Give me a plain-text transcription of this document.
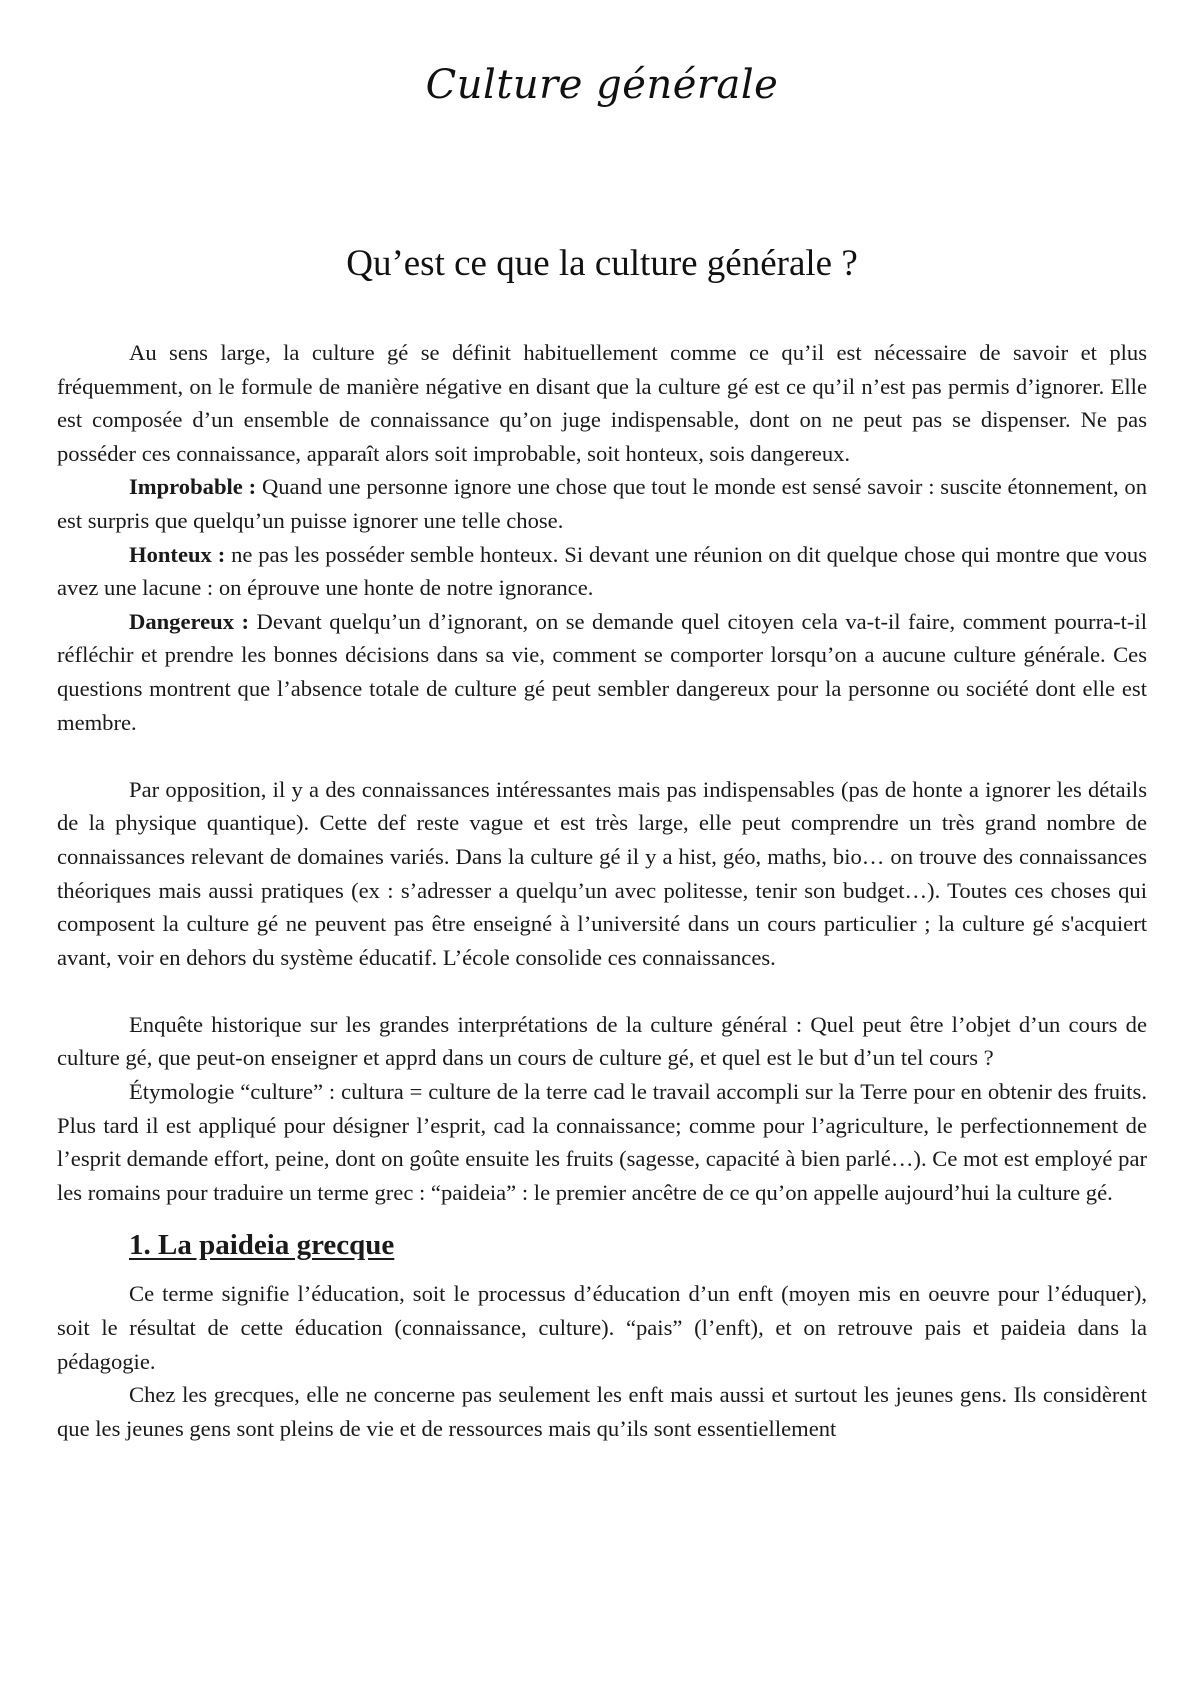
Culture générale
Qu’est ce que la culture générale ?

Au sens large, la culture gé se définit habituellement comme ce qu’il est nécessaire de savoir et plus fréquemment, on le formule de manière négative en disant que la culture gé est ce qu’il n’est pas permis d’ignorer. Elle est composée d’un ensemble de connaissance qu’on juge indispensable, dont on ne peut pas se dispenser. Ne pas posséder ces connaissance, apparaît alors soit improbable, soit honteux, sois dangereux.

Improbable : Quand une personne ignore une chose que tout le monde est sensé savoir : suscite étonnement, on est surpris que quelqu’un puisse ignorer une telle chose.

Honteux : ne pas les posséder semble honteux. Si devant une réunion on dit quelque chose qui montre que vous avez une lacune : on éprouve une honte de notre ignorance.

Dangereux : Devant quelqu’un d’ignorant, on se demande quel citoyen cela va-t-il faire, comment pourra-t-il réfléchir et prendre les bonnes décisions dans sa vie, comment se comporter lorsqu’on a aucune culture générale. Ces questions montrent que l’absence totale de culture gé peut sembler dangereux pour la personne ou société dont elle est membre.

Par opposition, il y a des connaissances intéressantes mais pas indispensables (pas de honte a ignorer les détails de la physique quantique). Cette def reste vague et est très large, elle peut comprendre un très grand nombre de connaissances relevant de domaines variés. Dans la culture gé il y a hist, géo, maths, bio… on trouve des connaissances théoriques mais aussi pratiques (ex : s’adresser a quelqu’un avec politesse, tenir son budget…). Toutes ces choses qui composent la culture gé ne peuvent pas être enseigné à l’université dans un cours particulier ; la culture gé s'acquiert avant, voir en dehors du système éducatif. L’école consolide ces connaissances.

Enquête historique sur les grandes interprétations de la culture général : Quel peut être l’objet d’un cours de culture gé, que peut-on enseigner et apprd dans un cours de culture gé, et quel est le but d’un tel cours ?

Étymologie “culture” : cultura = culture de la terre cad le travail accompli sur la Terre pour en obtenir des fruits. Plus tard il est appliqué pour désigner l’esprit, cad la connaissance; comme pour l’agriculture, le perfectionnement de l’esprit demande effort, peine, dont on goûte ensuite les fruits (sagesse, capacité à bien parlé…). Ce mot est employé par les romains pour traduire un terme grec : “paideia” : le premier ancêtre de ce qu’on appelle aujourd’hui la culture gé.

1. La paideia grecque

Ce terme signifie l’éducation, soit le processus d’éducation d’un enft (moyen mis en oeuvre pour l’éduquer), soit le résultat de cette éducation (connaissance, culture). “pais” (l’enft), et on retrouve pais et paideia dans la pédagogie.

Chez les grecques, elle ne concerne pas seulement les enft mais aussi et surtout les jeunes gens. Ils considèrent que les jeunes gens sont pleins de vie et de ressources mais qu’ils sont essentiellement
